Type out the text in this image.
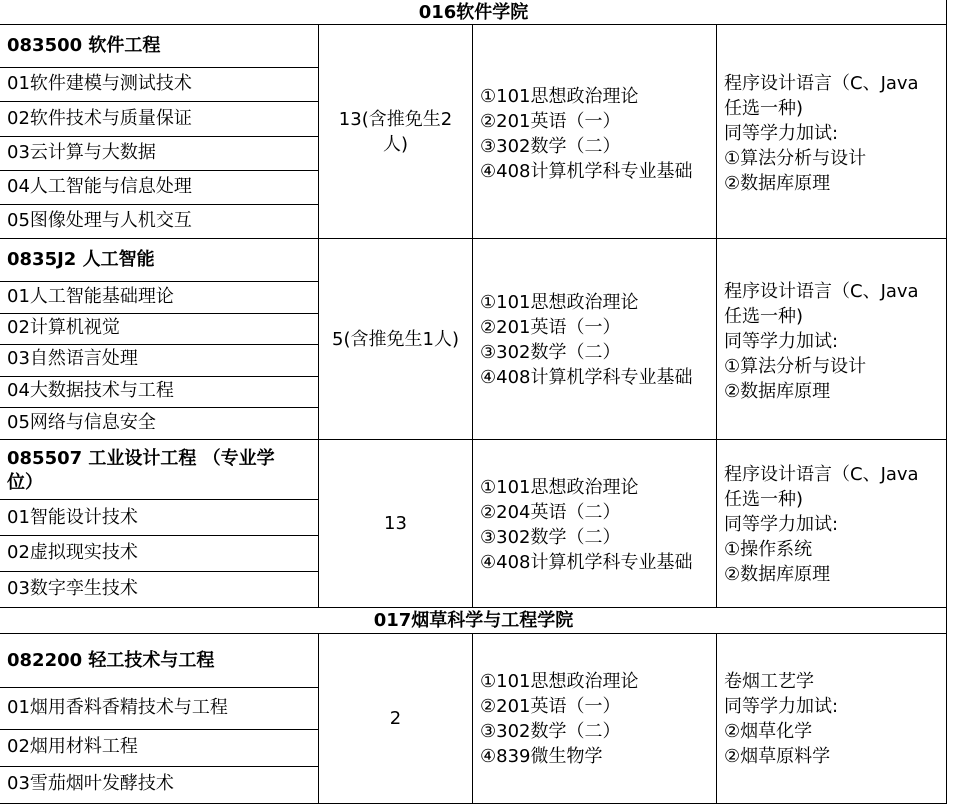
016软件学院
083500 软件工程
01软件建模与测试技术
02软件技术与质量保证
03云计算与大数据
04人工智能与信息处理
05图像处理与人机交互
13(含推免生2
人)
①101思想政治理论
②201英语（一）
③302数学（二）
④408计算机学科专业基础
程序设计语言（C、Java
任选一种)
同等学力加试:
①算法分析与设计
②数据库原理
0835J2 人工智能
01人工智能基础理论
02计算机视觉
03自然语言处理
04大数据技术与工程
05网络与信息安全
5(含推免生1人)
①101思想政治理论
②201英语（一）
③302数学（二）
④408计算机学科专业基础
程序设计语言（C、Java
任选一种)
同等学力加试:
①算法分析与设计
②数据库原理
085507 工业设计工程 （专业学
位）
01智能设计技术
02虚拟现实技术
03数字孪生技术
13
①101思想政治理论
②204英语（二）
③302数学（二）
④408计算机学科专业基础
程序设计语言（C、Java
任选一种)
同等学力加试:
①操作系统
②数据库原理
017烟草科学与工程学院
082200 轻工技术与工程
01烟用香料香精技术与工程
02烟用材料工程
03雪茄烟叶发酵技术
2
①101思想政治理论
②201英语（一）
③302数学（二）
④839微生物学
卷烟工艺学
同等学力加试:
②烟草化学
②烟草原料学
